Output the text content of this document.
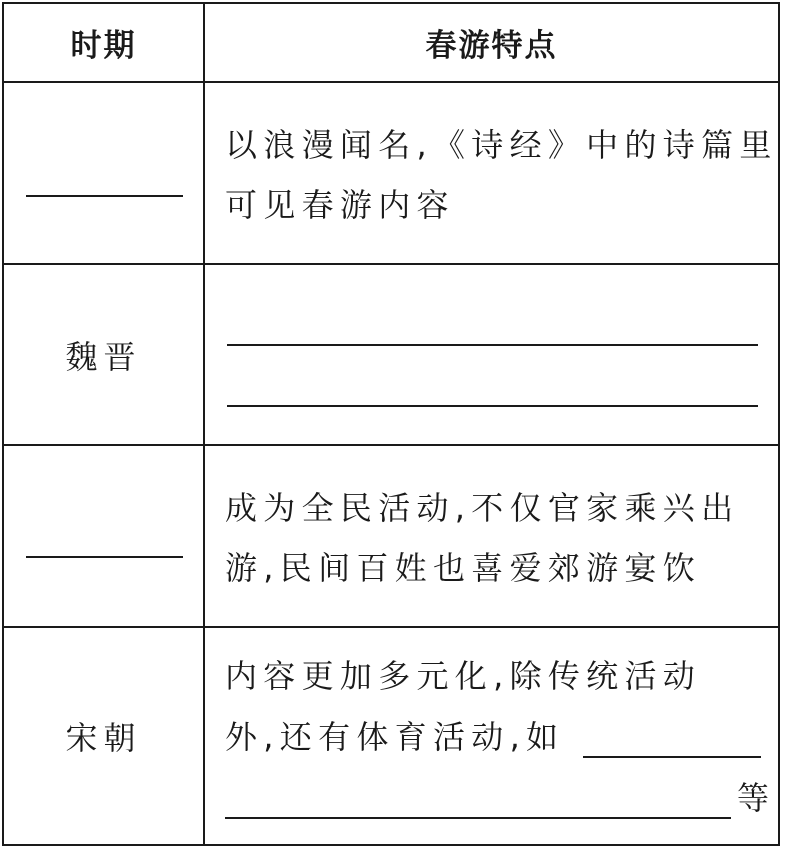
时期	春游特点
以浪漫闻名,《诗经》中的诗篇里
可见春游内容
魏晋
成为全民活动,不仅官家乘兴出
游,民间百姓也喜爱郊游宴饮
宋朝
内容更加多元化,除传统活动
外,还有体育活动,如
等
